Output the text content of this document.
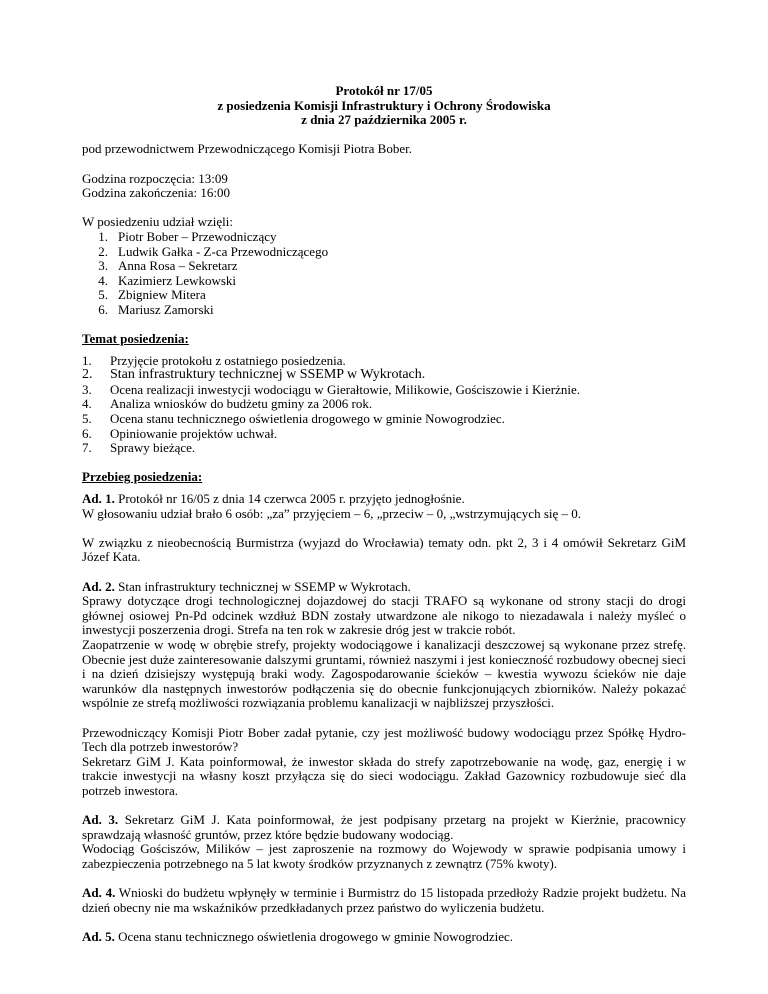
Protokół nr 17/05
z posiedzenia Komisji Infrastruktury i Ochrony Środowiska
z dnia 27 października 2005 r.

pod przewodnictwem Przewodniczącego Komisji Piotra Bober.

Godzina rozpoczęcia: 13:09

Godzina zakończenia: 16:00

W posiedzeniu udział wzięli:

1. Piotr Bober – Przewodniczący
2. Ludwik Gałka - Z-ca Przewodniczącego
3. Anna Rosa – Sekretarz
4. Kazimierz Lewkowski
5. Zbigniew Mitera
6. Mariusz Zamorski
Temat posiedzenia:
1.	Przyjęcie protokołu z ostatniego posiedzenia.
2.	Stan infrastruktury technicznej w SSEMP w Wykrotach.
3.	Ocena realizacji inwestycji wodociągu w Gierałtowie, Milikowie, Gościszowie i Kierżnie.
4.	Analiza wniosków do budżetu gminy za 2006 rok.
5.	Ocena stanu technicznego oświetlenia drogowego w gminie Nowogrodziec.
6.	Opiniowanie projektów uchwał.
7.	Sprawy bieżące.
Przebieg posiedzenia:

Ad. 1. Protokół nr 16/05 z dnia 14 czerwca 2005 r. przyjęto jednogłośnie.

W głosowaniu udział brało 6 osób: „za” przyjęciem – 6, „przeciw – 0, „wstrzymujących się – 0.

W związku z nieobecnością Burmistrza (wyjazd do Wrocławia) tematy odn. pkt 2, 3 i 4 omówił Sekretarz GiM Józef Kata.

Ad. 2. Stan infrastruktury technicznej w SSEMP w Wykrotach.

Sprawy dotyczące drogi technologicznej dojazdowej do stacji TRAFO są wykonane od strony stacji do drogi głównej osiowej Pn-Pd odcinek wzdłuż BDN zostały utwardzone ale nikogo to niezadawala i należy myśleć o inwestycji poszerzenia drogi. Strefa na ten rok w zakresie dróg jest w trakcie robót.

Zaopatrzenie w wodę w obrębie strefy, projekty wodociągowe i kanalizacji deszczowej są wykonane przez strefę. Obecnie jest duże zainteresowanie dalszymi gruntami, również naszymi i jest konieczność rozbudowy obecnej sieci i na dzień dzisiejszy występują braki wody. Zagospodarowanie ścieków – kwestia wywozu ścieków nie daje warunków dla następnych inwestorów podłączenia się do obecnie funkcjonujących zbiorników. Należy pokazać wspólnie ze strefą możliwości rozwiązania problemu kanalizacji w najbliższej przyszłości.

Przewodniczący Komisji Piotr Bober zadał pytanie, czy jest możliwość budowy wodociągu przez Spółkę Hydro-Tech dla potrzeb inwestorów?

Sekretarz GiM J. Kata poinformował, że inwestor składa do strefy zapotrzebowanie na wodę, gaz, energię i w trakcie inwestycji na własny koszt przyłącza się do sieci wodociągu. Zakład Gazownicy rozbudowuje sieć dla potrzeb inwestora.

Ad. 3. Sekretarz GiM J. Kata poinformował, że jest podpisany przetarg na projekt w Kierżnie, pracownicy sprawdzają własność gruntów, przez które będzie budowany wodociąg.

Wodociąg Gościszów, Milików – jest zaproszenie na rozmowy do Wojewody w sprawie podpisania umowy i zabezpieczenia potrzebnego na 5 lat kwoty środków przyznanych z zewnątrz (75% kwoty).

Ad. 4. Wnioski do budżetu wpłynęły w terminie i Burmistrz do 15 listopada przedłoży Radzie projekt budżetu. Na dzień obecny nie ma wskaźników przedkładanych przez państwo do wyliczenia budżetu.

Ad. 5. Ocena stanu technicznego oświetlenia drogowego w gminie Nowogrodziec.
